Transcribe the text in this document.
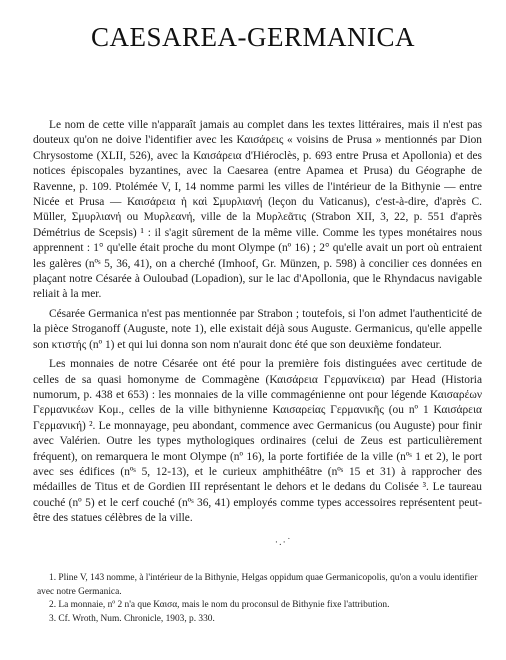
CAESAREA-GERMANICA

Le nom de cette ville n'apparaît jamais au complet dans les textes littéraires, mais il n'est pas douteux qu'on ne doive l'identifier avec les Καισάρεις « voisins de Prusa » mentionnés par Dion Chrysostome (XLII, 526), avec la Καισάρεια d'Hiéroclès, p. 693 entre Prusa et Apollonia) et des notices épiscopales byzantines, avec la Caesarea (entre Apamea et Prusa) du Géographe de Ravenne, p. 109. Ptolémée V, I, 14 nomme parmi les villes de l'intérieur de la Bithynie — entre Nicée et Prusa — Καισάρεια ἡ καὶ Σμυρλιανή (leçon du Vaticanus), c'est-à-dire, d'après C. Müller, Σμυρλιανή ou Μυρλεανή, ville de la Μυρλεᾶτις (Strabon XII, 3, 22, p. 551 d'après Démétrius de Scepsis) ¹ : il s'agit sûrement de la même ville. Comme les types monétaires nous apprennent : 1° qu'elle était proche du mont Olympe (nº 16) ; 2° qu'elle avait un port où entraient les galères (nºˢ 5, 36, 41), on a cherché (Imhoof, Gr. Münzen, p. 598) à concilier ces données en plaçant notre Césarée à Ouloubad (Lopadion), sur le lac d'Apollonia, que le Rhyndacus navigable reliait à la mer.

Césarée Germanica n'est pas mentionnée par Strabon ; toutefois, si l'on admet l'authenticité de la pièce Stroganoff (Auguste, note 1), elle existait déjà sous Auguste. Germanicus, qu'elle appelle son κτιστής (nº 1) et qui lui donna son nom n'aurait donc été que son deuxième fondateur.

Les monnaies de notre Césarée ont été pour la première fois distinguées avec certitude de celles de sa quasi homonyme de Commagène (Καισάρεια Γερμανίκεια) par Head (Historia numorum, p. 438 et 653) : les monnaies de la ville commagénienne ont pour légende Καισαρέων Γερμανικέων Κομ., celles de la ville bithynienne Καισαρείας Γερμανικῆς (ou nº 1 Καισάρεια Γερμανική) ². Le monnayage, peu abondant, commence avec Germanicus (ou Auguste) pour finir avec Valérien. Outre les types mythologiques ordinaires (celui de Zeus est particulièrement fréquent), on remarquera le mont Olympe (nº 16), la porte fortifiée de la ville (nºˢ 1 et 2), le port avec ses édifices (nºˢ 5, 12-13), et le curieux amphithéâtre (nºˢ 15 et 31) à rapprocher des médailles de Titus et de Gordien III représentant le dehors et le dedans du Colisée ³. Le taureau couché (nº 5) et le cerf couché (nºˢ 36, 41) employés comme types accessoires représentent peut-être des statues célèbres de la ville.

·.·˙
1. Pline V, 143 nomme, à l'intérieur de la Bithynie, Helgas oppidum quae Germanicopolis, qu'on a voulu identifier avec notre Germanica.
2. La monnaie, nº 2 n'a que Καισα, mais le nom du proconsul de Bithynie fixe l'attribution.
3. Cf. Wroth, Num. Chronicle, 1903, p. 330.
